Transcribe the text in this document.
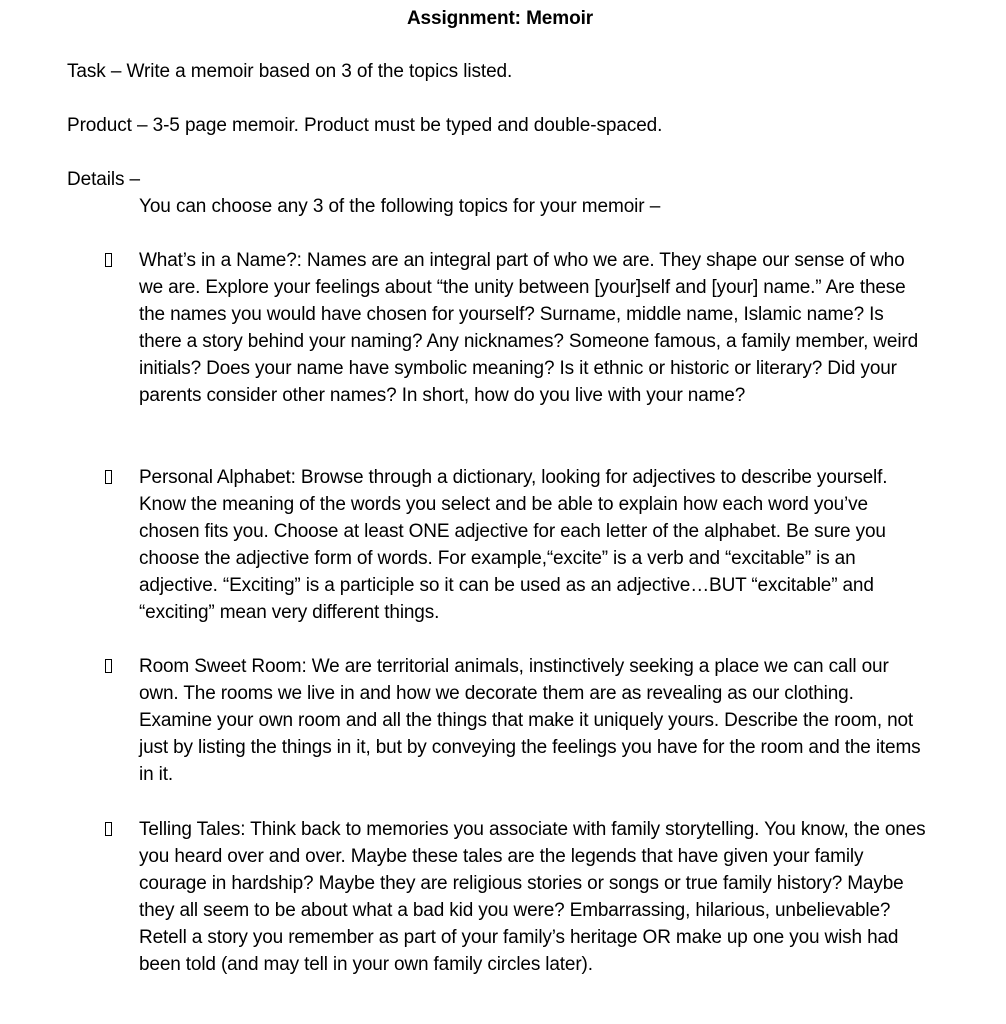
Assignment: Memoir
Task – Write a memoir based on 3 of the topics listed.
Product – 3-5 page memoir. Product must be typed and double-spaced.
Details –
You can choose any 3 of the following topics for your memoir –
What’s in a Name?: Names are an integral part of who we are. They shape our sense of who we are. Explore your feelings about “the unity between [your]self and [your] name.” Are these the names you would have chosen for yourself? Surname, middle name, Islamic name? Is there a story behind your naming? Any nicknames? Someone famous, a family member, weird initials? Does your name have symbolic meaning? Is it ethnic or historic or literary? Did your parents consider other names? In short, how do you live with your name?
Personal Alphabet: Browse through a dictionary, looking for adjectives to describe yourself. Know the meaning of the words you select and be able to explain how each word you’ve chosen fits you. Choose at least ONE adjective for each letter of the alphabet. Be sure you choose the adjective form of words. For example,“excite” is a verb and “excitable” is an adjective. “Exciting” is a participle so it can be used as an adjective…BUT “excitable” and “exciting” mean very different things.
Room Sweet Room: We are territorial animals, instinctively seeking a place we can call our own. The rooms we live in and how we decorate them are as revealing as our clothing. Examine your own room and all the things that make it uniquely yours. Describe the room, not just by listing the things in it, but by conveying the feelings you have for the room and the items in it.
Telling Tales: Think back to memories you associate with family storytelling. You know, the ones you heard over and over. Maybe these tales are the legends that have given your family courage in hardship? Maybe they are religious stories or songs or true family history? Maybe they all seem to be about what a bad kid you were? Embarrassing, hilarious, unbelievable? Retell a story you remember as part of your family’s heritage OR make up one you wish had been told (and may tell in your own family circles later).
